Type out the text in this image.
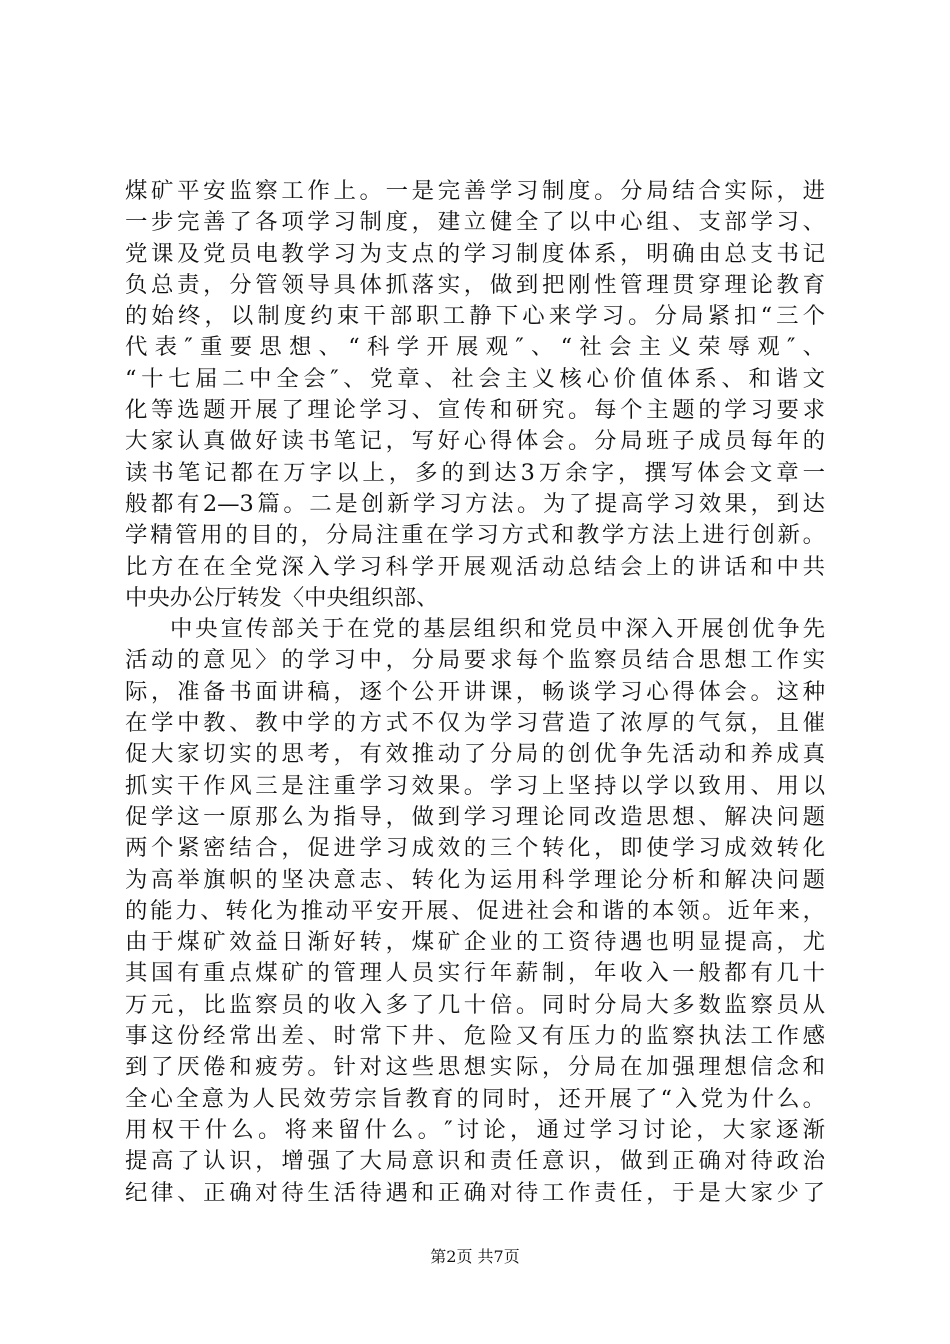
煤矿平安监察工作上。一是完善学习制度。分局结合实际，进
一步完善了各项学习制度，建立健全了以中心组、支部学习、
党课及党员电教学习为支点的学习制度体系，明确由总支书记
负总责，分管领导具体抓落实，做到把刚性管理贯穿理论教育
的始终，以制度约束干部职工静下心来学习。分局紧扣“三个
代表″重要思想、“科学开展观″、“社会主义荣辱观″、
“十七届二中全会″、党章、社会主义核心价值体系、和谐文
化等选题开展了理论学习、宣传和研究。每个主题的学习要求
大家认真做好读书笔记，写好心得体会。分局班子成员每年的
读书笔记都在万字以上，多的到达3万余字，撰写体会文章一
般都有2—3篇。二是创新学习方法。为了提高学习效果，到达
学精管用的目的，分局注重在学习方式和教学方法上进行创新。
比方在在全党深入学习科学开展观活动总结会上的讲话和中共
中央办公厅转发〈中央组织部、
中央宣传部关于在党的基层组织和党员中深入开展创优争先
活动的意见〉的学习中，分局要求每个监察员结合思想工作实
际，准备书面讲稿，逐个公开讲课，畅谈学习心得体会。这种
在学中教、教中学的方式不仅为学习营造了浓厚的气氛，且催
促大家切实的思考，有效推动了分局的创优争先活动和养成真
抓实干作风三是注重学习效果。学习上坚持以学以致用、用以
促学这一原那么为指导，做到学习理论同改造思想、解决问题
两个紧密结合，促进学习成效的三个转化，即使学习成效转化
为高举旗帜的坚决意志、转化为运用科学理论分析和解决问题
的能力、转化为推动平安开展、促进社会和谐的本领。近年来，
由于煤矿效益日渐好转，煤矿企业的工资待遇也明显提高，尤
其国有重点煤矿的管理人员实行年薪制，年收入一般都有几十
万元，比监察员的收入多了几十倍。同时分局大多数监察员从
事这份经常出差、时常下井、危险又有压力的监察执法工作感
到了厌倦和疲劳。针对这些思想实际，分局在加强理想信念和
全心全意为人民效劳宗旨教育的同时，还开展了“入党为什么。
用权干什么。将来留什么。″讨论，通过学习讨论，大家逐渐
提高了认识，增强了大局意识和责任意识，做到正确对待政治
纪律、正确对待生活待遇和正确对待工作责任，于是大家少了
第2页 共7页
